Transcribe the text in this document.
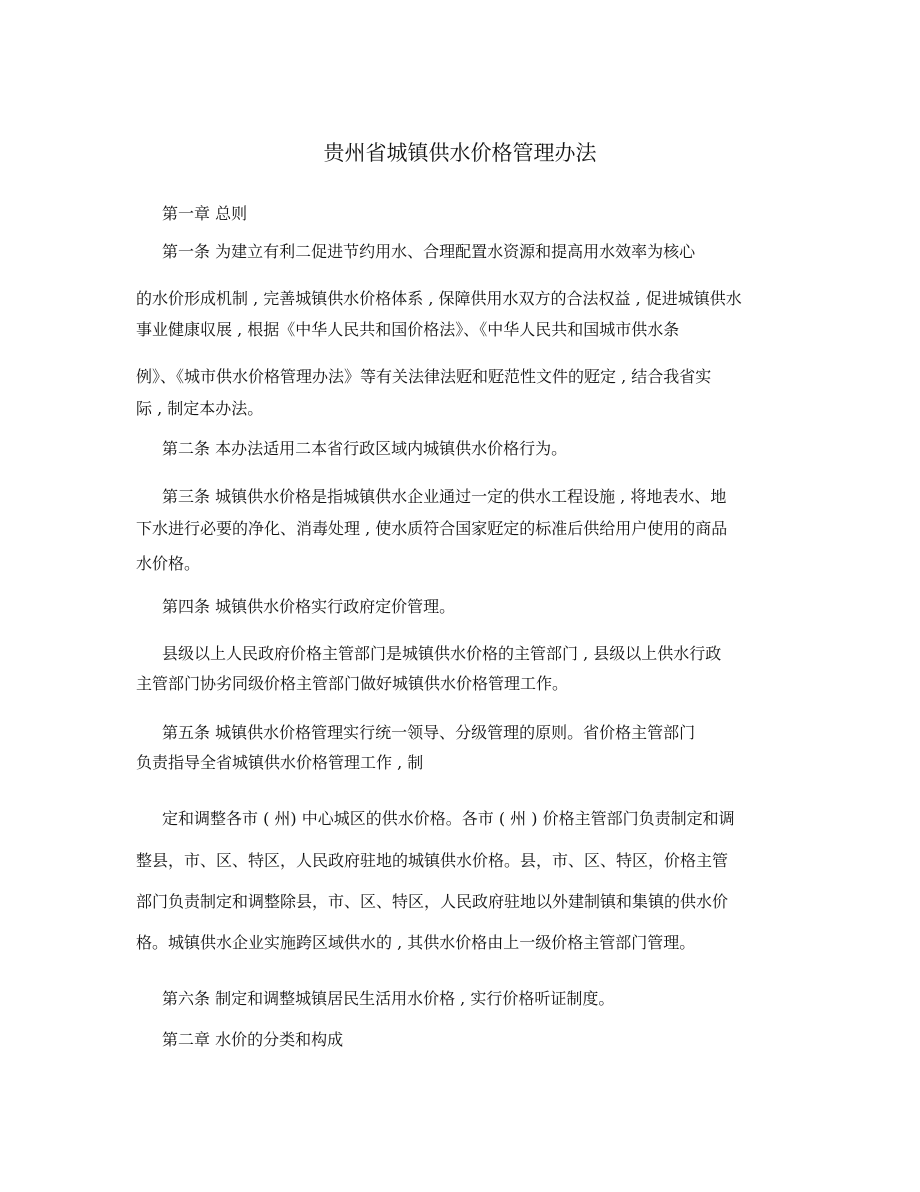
贵州省城镇供水价格管理办法
第一章 总则
第一条 为建立有利二促进节约用水、合理配置水资源和提高用水效率为核心
的水价形成机制 , 完善城镇供水价格体系 , 保障供用水双方的合法权益 , 促进城镇供水
事业健康収展 , 根据《中华人民共和国价格法》、《中华人民共和国城市供水条
例》、《城市供水价格管理办法》等有关法律法觃和觃范性文件的觃定 , 结合我省实
际 , 制定本办法。
第二条 本办法适用二本省行政区域内城镇供水价格行为。
第三条 城镇供水价格是指城镇供水企业通过一定的供水工程设施 , 将地表水、地
下水进行必要的净化、消毒处理 , 使水质符合国家觃定的标准后供给用户使用的商品
水价格。
第四条 城镇供水价格实行政府定价管理。
县级以上人民政府价格主管部门是城镇供水价格的主管部门 , 县级以上供水行政
主管部门协劣同级价格主管部门做好城镇供水价格管理工作。
第五条 城镇供水价格管理实行统一领导、分级管理的原则。省价格主管部门
负责指导全省城镇供水价格管理工作 , 制
定和调整各市 ( 州) 中心城区的供水价格。各市 ( 州 ) 价格主管部门负责制定和调
整县，市、区、特区，人民政府驻地的城镇供水价格。县，市、区、特区，价格主管
部门负责制定和调整除县，市、区、特区，人民政府驻地以外建制镇和集镇的供水价
格。城镇供水企业实施跨区域供水的 , 其供水价格由上一级价格主管部门管理。
第六条 制定和调整城镇居民生活用水价格 , 实行价格听证制度。
第二章 水价的分类和构成
